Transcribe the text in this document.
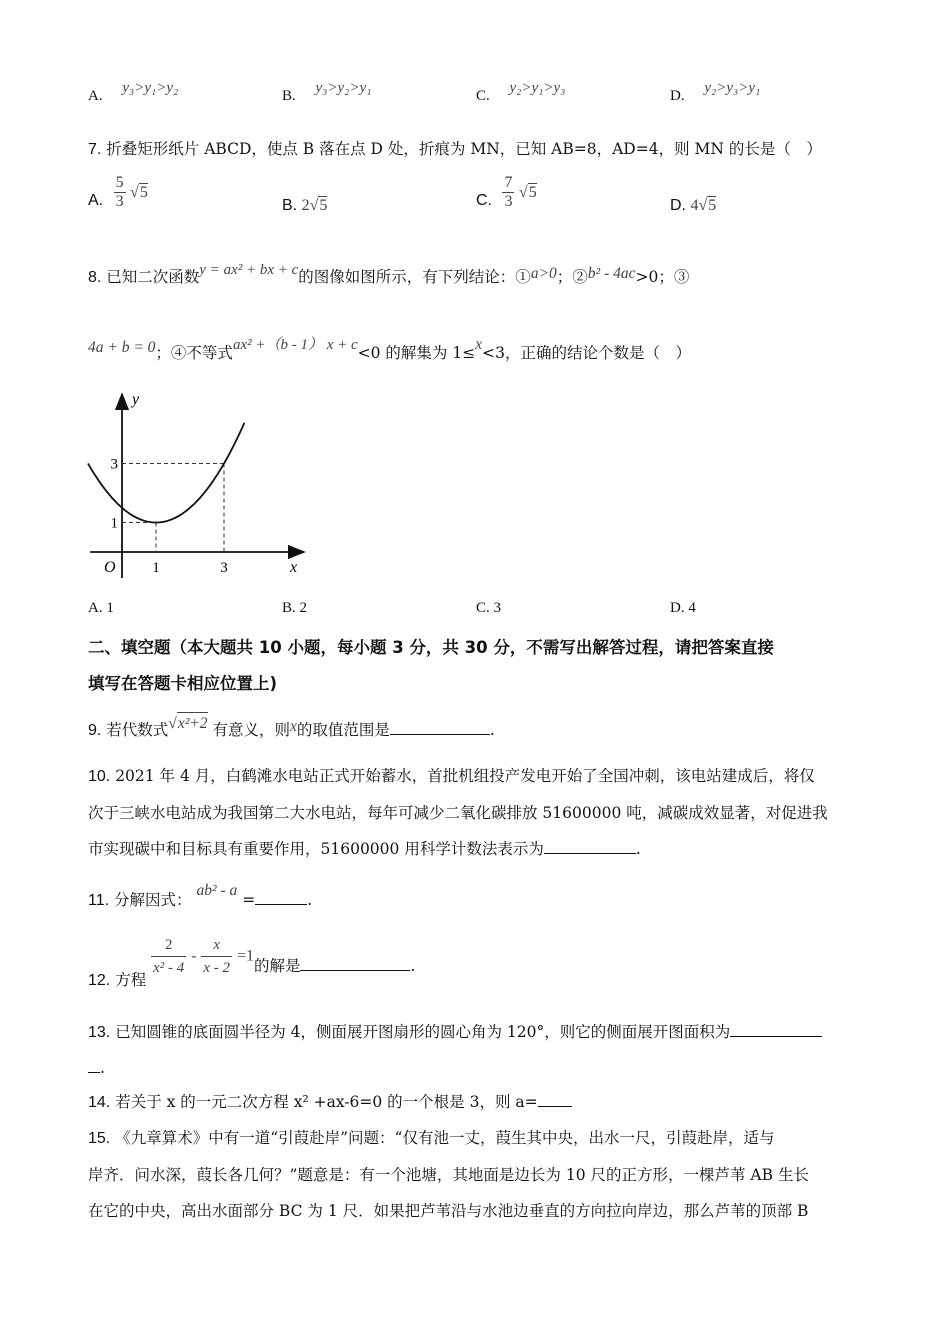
A. y₃>y₁>y₂	B. y₃>y₂>y₁	C. y₂>y₁>y₃	D. y₂>y₃>y₁
7. 折叠矩形纸片 ABCD，使点 B 落在点 D 处，折痕为 MN，已知 AB=8，AD=4，则 MN 的长是（　）
A. $\frac{5}{3} √5$
B. 2√5	C. $\frac{7}{3} √5$
D. 4√5
8. 已知二次函数y = ax² + bx + c的图像如图所示，有下列结论：①a>0；②b² - 4ac>0；③
4a + b = 0；④不等式ax² +（b - 1） x + c<0 的解集为 1≤x<3，正确的结论个数是（　）
y
x
O 1	3
1
3
A. 1	B. 2	C. 3	D. 4
二、填空题（本大题共 10 小题，每小题 3 分，共 30 分，不需写出解答过程，请把答案直接
填写在答题卡相应位置上)
9. 若代数式√x²+2 有意义，则x的取值范围是	.
10. 2021 年 4 月，白鹤滩水电站正式开始蓄水，首批机组投产发电开始了全国冲刺，该电站建成后，将仅
次于三峡水电站成为我国第二大水电站，每年可减少二氧化碳排放 51600000 吨，减碳成效显著，对促进我
市实现碳中和目标具有重要作用，51600000 用科学计数法表示为	.
11. 分解因式： ab² - a =	.
12. 方程
$\frac{2}{\text{x² - 4}} - \frac{x}{x - 2} =1$的解是	.
13. 已知圆锥的底面圆半径为 4，侧面展开图扇形的圆心角为 120°，则它的侧面展开图面积为
.
14. 若关于 x 的一元二次方程 x² +ax-6=0 的一个根是 3，则 a=
15. 《九章算术》中有一道“引葭赴岸”问题：“仅有池一丈，葭生其中央，出水一尺，引葭赴岸，适与
岸齐．问水深，葭长各几何？”题意是：有一个池塘，其地面是边长为 10 尺的正方形，一棵芦苇 AB 生长
在它的中央，高出水面部分 BC 为 1 尺．如果把芦苇沿与水池边垂直的方向拉向岸边，那么芦苇的顶部 B
